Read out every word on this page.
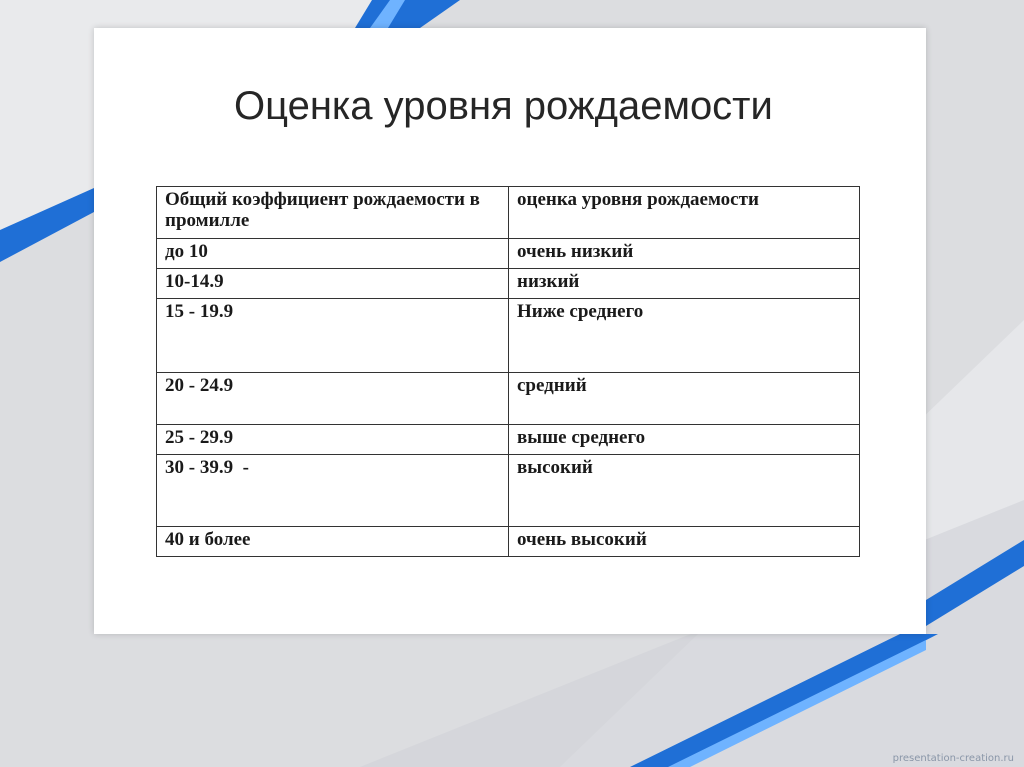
Оценка уровня рождаемости
Общий коэффициент рождаемости в промилле	оценка уровня рождаемости
до 10	очень низкий
10-14.9	низкий
15 - 19.9	Ниже среднего
20 - 24.9	средний
25 - 29.9	выше среднего
30 - 39.9  -	высокий
40 и более	очень высокий
presentation-creation.ru
